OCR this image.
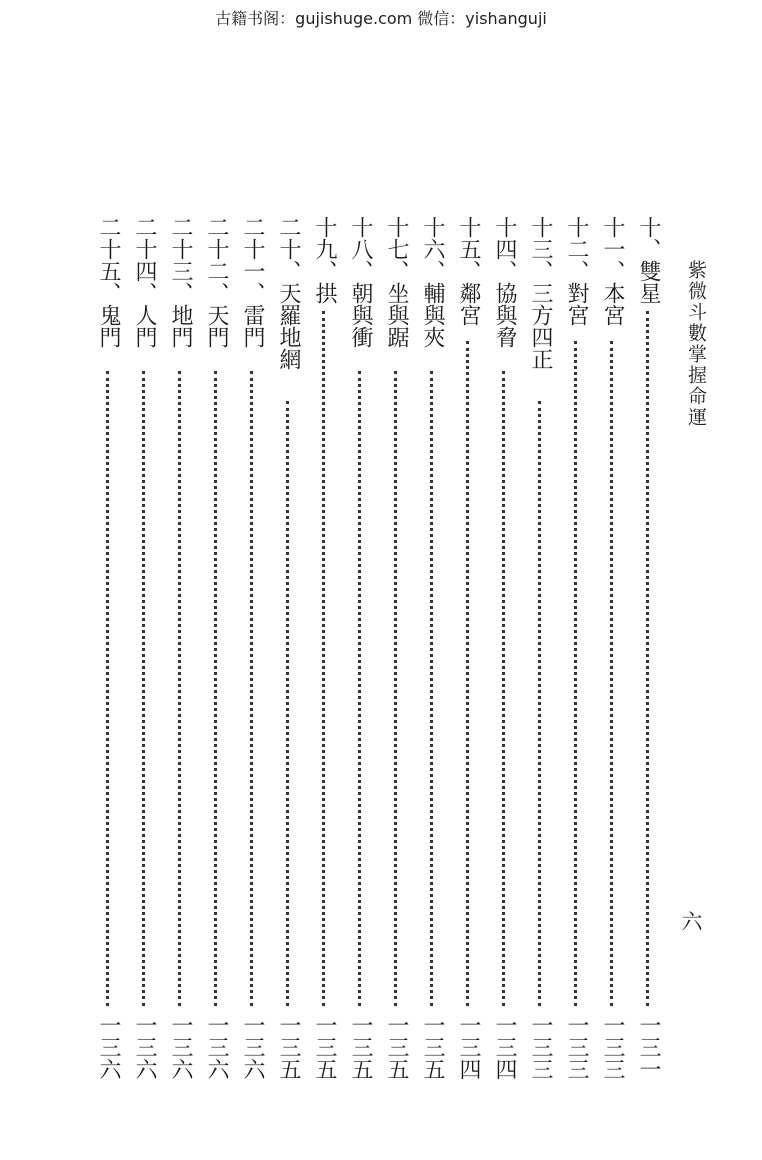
古籍书阁：gujishuge.com 微信：yishanguji
紫微斗數掌握命運
六
十、雙星
一三一
十一、本宮
一三三
十二、對宮
一三三
十三、三方四正
一三三
十四、協與脅
一三四
十五、鄰宮
一三四
十六、輔與夾
一三五
十七、坐與踞
一三五
十八、朝與衝
一三五
十九、拱
一三五
二十、天羅地網
一三五
二十一、雷門
一三六
二十二、天門
一三六
二十三、地門
一三六
二十四、人門
一三六
二十五、鬼門
一三六
